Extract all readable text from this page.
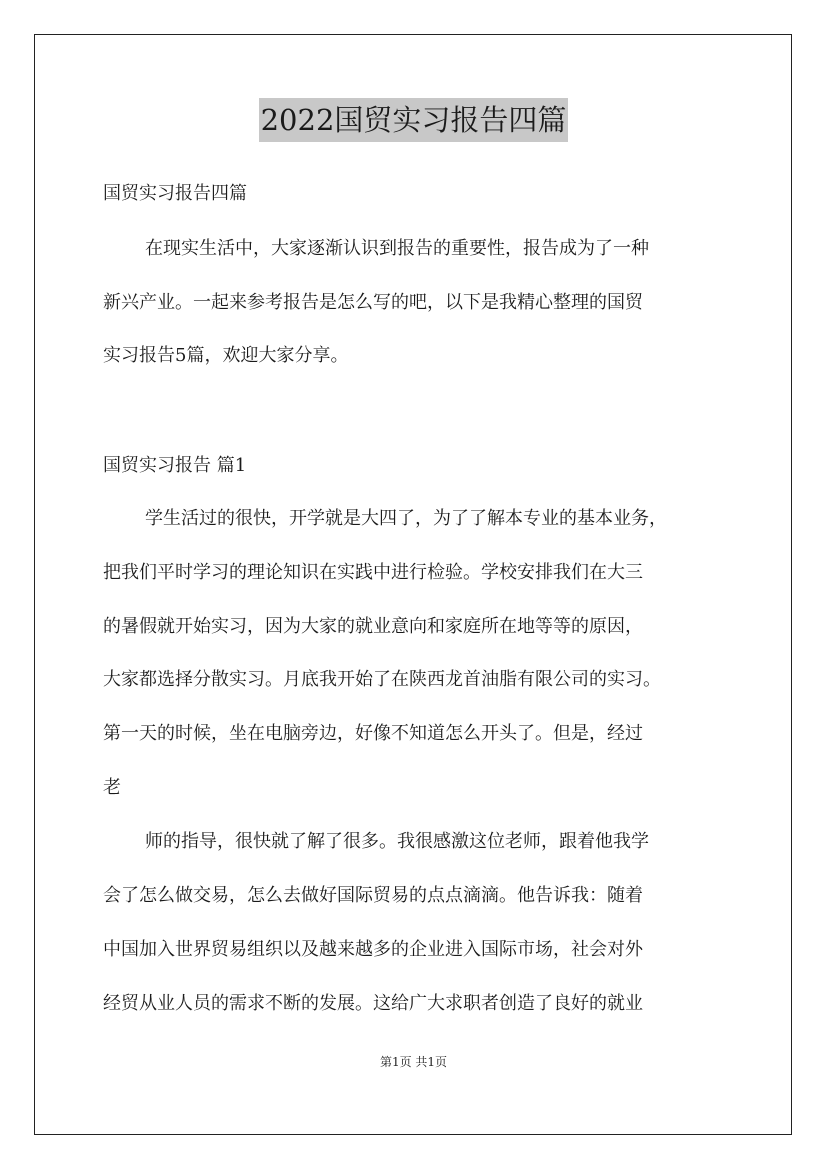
2022国贸实习报告四篇
国贸实习报告四篇
在现实生活中，大家逐渐认识到报告的重要性，报告成为了一种
新兴产业。一起来参考报告是怎么写的吧，以下是我精心整理的国贸
实习报告5篇，欢迎大家分享。
国贸实习报告 篇1
学生活过的很快，开学就是大四了，为了了解本专业的基本业务，
把我们平时学习的理论知识在实践中进行检验。学校安排我们在大三
的暑假就开始实习，因为大家的就业意向和家庭所在地等等的原因，
大家都选择分散实习。月底我开始了在陕西龙首油脂有限公司的实习。
第一天的时候，坐在电脑旁边，好像不知道怎么开头了。但是，经过
老
师的指导，很快就了解了很多。我很感激这位老师，跟着他我学
会了怎么做交易，怎么去做好国际贸易的点点滴滴。他告诉我：随着
中国加入世界贸易组织以及越来越多的企业进入国际市场，社会对外
经贸从业人员的需求不断的发展。这给广大求职者创造了良好的就业
第1页 共1页
